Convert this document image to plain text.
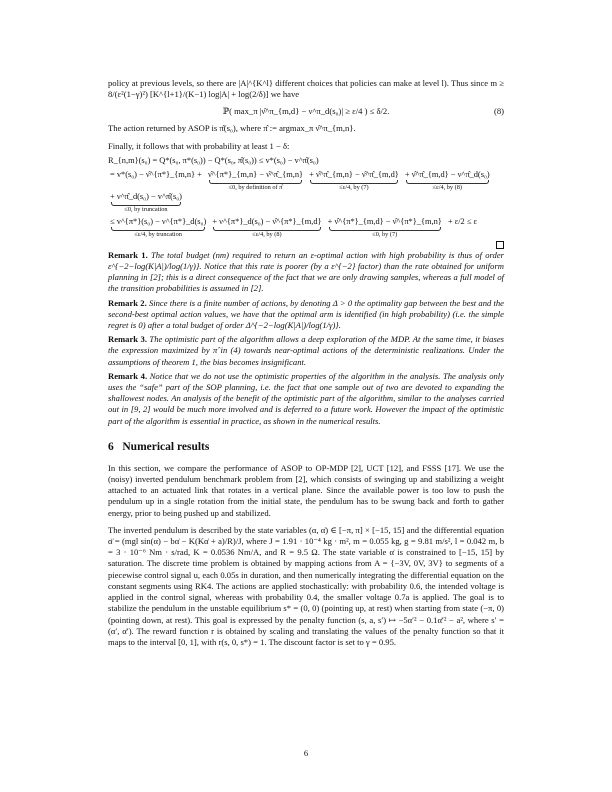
policy at previous levels, so there are |A|^{K^l} different choices that policies can make at level l). Thus since m ≥ 8/(ε²(1−γ)²) [K^{l+1}/(K−1) log|A| + log(2/δ)] we have

ℙ( max_π |ν̂^π_{m,d} − ν^π_d(s₀)| ≥ ε/4 ) ≤ δ/2.	(8)

The action returned by ASOP is π̂(s₀), where π̂ := argmax_π ν̂^π_{m,n}.

Finally, it follows that with probability at least 1 − δ:

R_{n,m}(s₀) = Q*(s₀, π*(s₀)) − Q*(s₀, π̂(s₀)) ≤ v*(s₀) − v^π̂(s₀)
= v*(s₀) − ν̂^{π*}_{m,n} + ν̂^{π*}_{m,n} − ν̂^π̂_{m,n}
≤0, by definition of π̂
+ ν̂^π̂_{m,n} − ν̂^π̂_{m,d}
≤ε/4, by (7)
+ ν̂^π̂_{m,d} − ν^π̂_d(s₀)
≤ε/4, by (8)
+ ν^π̂_d(s₀) − v^π̂(s₀)
≤0, by truncation
≤ v^{π*}(s₀) − ν^{π*}_d(s₀)
≤ε/4, by truncation
+ ν^{π*}_d(s₀) − ν̂^{π*}_{m,d}
≤ε/4, by (8)
+ ν̂^{π*}_{m,d} − ν̂^{π*}_{m,n}
≤0, by (7)
+ ε/2 ≤ ε

Remark 1. The total budget (nm) required to return an ε-optimal action with high probability is thus of order ε^{−2−log(K|A|)/log(1/γ)}. Notice that this rate is poorer (by a ε^{−2} factor) than the rate obtained for uniform planning in [2]; this is a direct consequence of the fact that we are only drawing samples, whereas a full model of the transition probabilities is assumed in [2].

Remark 2. Since there is a finite number of actions, by denoting Δ > 0 the optimality gap between the best and the second-best optimal action values, we have that the optimal arm is identified (in high probability) (i.e. the simple regret is 0) after a total budget of order Δ^{−2−log(K|A|)/log(1/γ)}.

Remark 3. The optimistic part of the algorithm allows a deep exploration of the MDP. At the same time, it biases the expression maximized by π̂ in (4) towards near-optimal actions of the deterministic realizations. Under the assumptions of theorem 1, the bias becomes insignificant.

Remark 4. Notice that we do not use the optimistic properties of the algorithm in the analysis. The analysis only uses the “safe” part of the SOP planning, i.e. the fact that one sample out of two are devoted to expanding the shallowest nodes. An analysis of the benefit of the optimistic part of the algorithm, similar to the analyses carried out in [9, 2] would be much more involved and is deferred to a future work. However the impact of the optimistic part of the algorithm is essential in practice, as shown in the numerical results.

6 Numerical results

In this section, we compare the performance of ASOP to OP-MDP [2], UCT [12], and FSSS [17]. We use the (noisy) inverted pendulum benchmark problem from [2], which consists of swinging up and stabilizing a weight attached to an actuated link that rotates in a vertical plane. Since the available power is too low to push the pendulum up in a single rotation from the initial state, the pendulum has to be swung back and forth to gather energy, prior to being pushed up and stabilized.

The inverted pendulum is described by the state variables (α, α̇) ∈ [−π, π] × [−15, 15] and the differential equation α̈ = (mgl sin(α) − bα̇ − K(Kα̇ + a)/R)/J, where J = 1.91 · 10⁻⁴ kg · m², m = 0.055 kg, g = 9.81 m/s², l = 0.042 m, b = 3 · 10⁻⁶ Nm · s/rad, K = 0.0536 Nm/A, and R = 9.5 Ω. The state variable α̇ is constrained to [−15, 15] by saturation. The discrete time problem is obtained by mapping actions from A = {−3V, 0V, 3V} to segments of a piecewise control signal u, each 0.05s in duration, and then numerically integrating the differential equation on the constant segments using RK4. The actions are applied stochastically: with probability 0.6, the intended voltage is applied in the control signal, whereas with probability 0.4, the smaller voltage 0.7a is applied. The goal is to stabilize the pendulum in the unstable equilibrium s* = (0, 0) (pointing up, at rest) when starting from state (−π, 0) (pointing down, at rest). This goal is expressed by the penalty function (s, a, s′) ↦ −5α′² − 0.1α̇′² − a², where s′ = (α′, α̇′). The reward function r is obtained by scaling and translating the values of the penalty function so that it maps to the interval [0, 1], with r(s, 0, s*) = 1. The discount factor is set to γ = 0.95.

6
